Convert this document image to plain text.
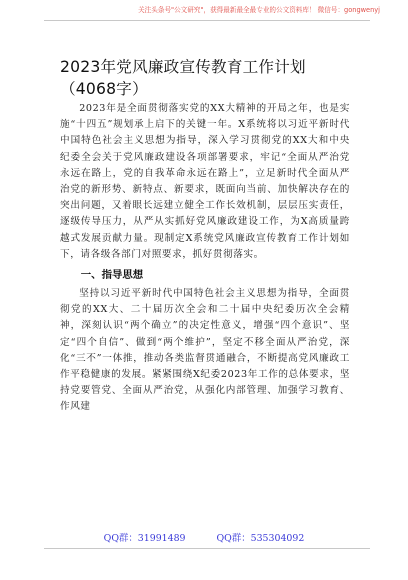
关注头条号"公文研究"，获得最新最全最专业的公文资料库！ 微信号：gongwenyj
2023年党风廉政宣传教育工作计划（4068字）

2023年是全面贯彻落实党的XX大精神的开局之年，也是实施“十四五”规划承上启下的关键一年。X系统将以习近平新时代中国特色社会主义思想为指导，深入学习贯彻党的XX大和中央纪委全会关于党风廉政建设各项部署要求，牢记“全面从严治党永远在路上，党的自我革命永远在路上”，立足新时代全面从严治党的新形势、新特点、新要求，既面向当前、加快解决存在的突出问题，又着眼长远建立健全工作长效机制，层层压实责任，逐级传导压力，从严从实抓好党风廉政建设工作，为X高质量跨越式发展贡献力量。现制定X系统党风廉政宣传教育工作计划如下，请各级各部门对照要求，抓好贯彻落实。

一、指导思想

坚持以习近平新时代中国特色社会主义思想为指导，全面贯彻党的XX大、二十届历次全会和二十届中央纪委历次全会精神，深刻认识“两个确立”的决定性意义，增强“四个意识”、坚定“四个自信”、做到“两个维护”，坚定不移全面从严治党，深化“三不”一体推，推动各类监督贯通融合，不断提高党风廉政工作平稳健康的发展。紧紧围绕X纪委2023年工作的总体要求，坚持党要管党、全面从严治党，从强化内部管理、加强学习教育、作风建

QQ群：31991489	QQ群：535304092
